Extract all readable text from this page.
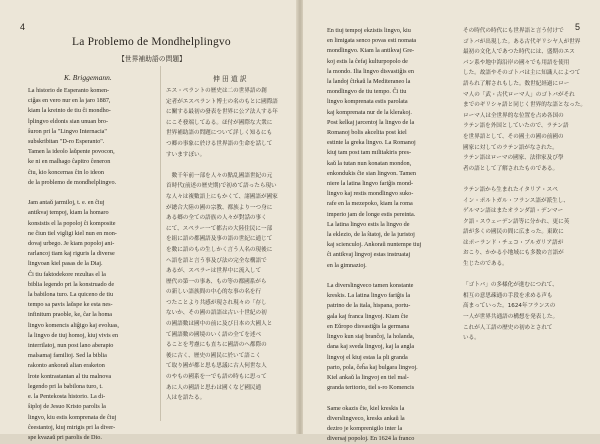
4
La Problemo de Mondhelplingvo
【世界補助語の問題】
K. Briggemann.	伸 田 道 訳
La historio de Esperanto komen-
ciĝas en vero nur en la jaro 1887,
kiam la kreinto de tiu ĉi mondho-
lplingvo eldonis sian unuan bro-
ŝuron pri la "Lingvo Internacia"
subskribitan "D-ro Esperanto".
Tamen la ideolo laŭpente povocon,
ke ni en malhago ĉapitro ĉeneron
ĉiu, kio koncernas ĉin lo ideon
de la problemo de mondhelplingvo.

Jam antaŭ jarmiloj, t. e. en ĉiuj
antikvaj tempoj, kiam la homaro
konsistis el la popoloj ĉi komposite
ne ĉiun tiel vigligi kiel nun en mon-
dovaj urbego. Je kiam popoloj ani-
rarlancoj tiam kaj riguris la diverse
lingvoan kiel pasas de la Diaj.
Ĉi tiu faktodekore rezultas el la
biblia legendo pri la konstruado de
la babilona turo. La quiceno de tiu
tempo sa pavis laŭspe ke esta nes-
infinitum praoble, ke, ĉar la homa
lingvo komencis aliĝigo kaj evoluas,
la lingvo de tiuj homoj, kiuj vivis en
interrilatoj, nun post lano aberapio
malsamaj familioj. Sed la biblia
rakonto ankoraŭ alian eraketon
lrote kontrastantan al tiu malnova
legendo pri la babilona turo, t.
e. la Pentekosta historio. La di-
ŝiploj de Jesuo Kristo parolis la
lingvo, kiu estis komprenata de ĉiuj
ĉeestantoj, kiuj mirigis pri la diver-
spe kvazaŭ pri parolis de Dio.
エス・ペラントの歴史は二の世界語の創
定者がエスペラント博士の名のもとに國際語
に關する最初の發表を世界に公ア法人する年
にこそ發端してゐる。ほ付が國際な大衆に
世界補助語の問題について詳しく知るにも
つ郷の事象に於ける世界語の生命を話して
すいますぼい。

　數千年前一部を人々の點乱國語世紀の元
首時代(前述の歴史期)で初めて語ったら現い
な人々は複數語上にもかくて、諸國語が國家
が總合大陸の國の宗教、都族より一つ身に
ある郷の全ての語族の人々が對話の事く
にて、スペラー一て都古の大陸住民に一部
を組に語の都國語及事の語の世紀に通じて
を數に語のもの生しかく言う人名の現後に
へ語を語と言う事及び法の完全な構語で
あるが、スペラーは世界中に流入して
歴代の第一の事あ、もの等の都國系がら
の新しい語族間の中心的な事の名を行
つたことより共感が現され現々の「存し
ないか、その國の語語は古い十世紀の初
の國語數は國中の前に及び日本の大國人と
て國語數の國境のいく語の全てを述べ
ることを考慮にも直ちに國語のへ都際の
後に古く、歴史の國民に於いて語こく
て取り國が都と思も思議に古人何世な人
のやもの國系を一でも語の時もに思って
あに人の國語と思わは國くなど國民通
人はを語たる。
5
En tiuj tempoj ekzistis lingvo, kiu
en limigata senco povas esti nomata
mondlingvo. Kiam la antikvaj Gre-
koj estis la ĉefaj kulturpopolo de
la mondo. Ilia lingvo disvastiĝis en
la landoj ĉirkaŭ la Mediteraneo la
mondlingvo de tiu tempo. Ĉi tiu
lingvo komprenata estis parolata
kaj komprenata nur de la klerakoj.
Post kelkaj jarcentoj la lingvo de la
Romanoj bolis akcelita post kiel
estinte la greka lingvo. La Romanoj
kiuj tam post tam militakiris pres-
kaŭ la tutan nun konatan mondon,
enkondukis ĉie sian lingvon. Tamen
niere la latina lingvo fariĝis mond-
lingvo kaj restis mondlingvo suko-
rafe en la mezepoko, kiam la roma
imperio jam de longe estis pereinta.
La latina lingvo estis la lingvo de
la eklezio, de la ŝtatoj, de la juristoj
kaj scienculoj. Ankoraŭ nuntempe tiuj
ĉi antikvaj lingvoj estas instruataj
en la gimnazioj.

La diverslingveco tamen konstante
kreskis. La latina lingvo fariĝis la
patrino de la itala, hispana, portu-
gala kaj franca lingvoj. Kiam ĉie
en Eŭropo disvastiĝis la germana
lingvo kun siaj branĉoj, la holanda,
dana kaj sveda lingvoj, kaj la angla
lingvoj el kiuj estas la pli granda
parto, pola, ĉeĥa kaj bulgara lingvoj.
Kiel ankaŭ la lingvoj en tiel mal-
granda teritorio, tiel s-ro Komencis

Same okazis ĉie, kiel kreskis la
diverslingveco, kresks ankaŭ la
deziro je komprenigilo inter la
diversaj popoloj. En 1624 la franco
その時代の時代にも世界語と言う付けで
ゴトバが出現した。ある古代ギリシヤ人が世界
最初の文化人であつた時代には、盛期のエス
パン系や地中海沿岸の國々でも用語を使用
した。故語やそのゴトバは主に知識人によつて
語られ了解されもした。数世紀経過にロー
マ人の「武・古代ローマ人」のゴトバがそれ
までのギリシャ語と同じく世界的な語となった。
ローマ人は全世界的な位置を占め各国の
ラテン語を外国としていたので、ラテン語
を世界語として、その國土の國の前國の
國家に対してのラテン語がなされた。
ラテン語はローマの國家、法律家及び學
者の語として了解されたものである。

ラテン語から生まれたイタリア・スペ
イン・ポルトガル・フランス語が派生し、
ゲルマン語はまたオランダ語・デンマー
ク語・スウェーデン語等に分かれ、更に英
語が多くの國民の間に広まった。東欧に
はポーランド・チェコ・ブルガリア語が
おこり、かかる小地域にも多数の言語が
生じたのである。

「ゴトバ」の多様化が進むにつれて、
相互の意思疎通の手段を求める声も
高まっていった。1624年フランスの
一人が世界共通語の構想を発表した。
これが人工語の歴史の初めとされて
いる。
